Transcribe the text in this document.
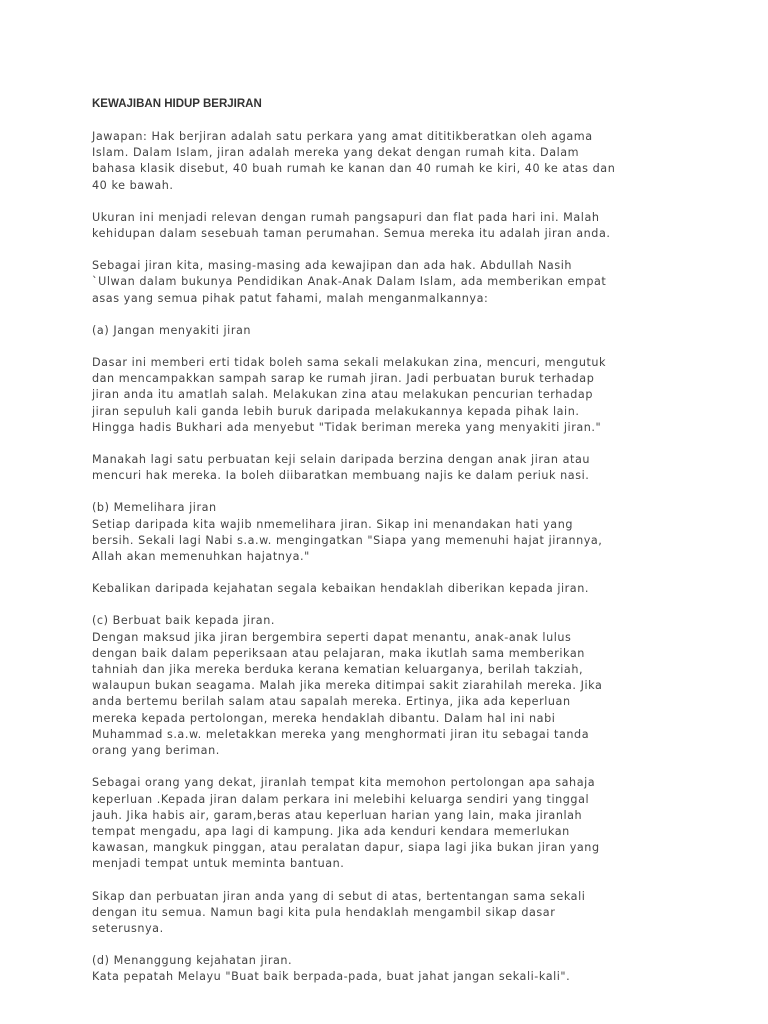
KEWAJIBAN HIDUP BERJIRAN
Jawapan: Hak berjiran adalah satu perkara yang amat dititikberatkan oleh agama
Islam. Dalam Islam, jiran adalah mereka yang dekat dengan rumah kita. Dalam
bahasa klasik disebut, 40 buah rumah ke kanan dan 40 rumah ke kiri, 40 ke atas dan
40 ke bawah.
Ukuran ini menjadi relevan dengan rumah pangsapuri dan flat pada hari ini. Malah
kehidupan dalam sesebuah taman perumahan. Semua mereka itu adalah jiran anda.
Sebagai jiran kita, masing-masing ada kewajipan dan ada hak. Abdullah Nasih
`Ulwan dalam bukunya Pendidikan Anak-Anak Dalam Islam, ada memberikan empat
asas yang semua pihak patut fahami, malah menganmalkannya:
(a) Jangan menyakiti jiran
Dasar ini memberi erti tidak boleh sama sekali melakukan zina, mencuri, mengutuk
dan mencampakkan sampah sarap ke rumah jiran. Jadi perbuatan buruk terhadap
jiran anda itu amatlah salah. Melakukan zina atau melakukan pencurian terhadap
jiran sepuluh kali ganda lebih buruk daripada melakukannya kepada pihak lain.
Hingga hadis Bukhari ada menyebut "Tidak beriman mereka yang menyakiti jiran."
Manakah lagi satu perbuatan keji selain daripada berzina dengan anak jiran atau
mencuri hak mereka. Ia boleh diibaratkan membuang najis ke dalam periuk nasi.
(b) Memelihara jiran
Setiap daripada kita wajib nmemelihara jiran. Sikap ini menandakan hati yang
bersih. Sekali lagi Nabi s.a.w. mengingatkan "Siapa yang memenuhi hajat jirannya,
Allah akan memenuhkan hajatnya."
Kebalikan daripada kejahatan segala kebaikan hendaklah diberikan kepada jiran.
(c) Berbuat baik kepada jiran.
Dengan maksud jika jiran bergembira seperti dapat menantu, anak-anak lulus
dengan baik dalam peperiksaan atau pelajaran, maka ikutlah sama memberikan
tahniah dan jika mereka berduka kerana kematian keluarganya, berilah takziah,
walaupun bukan seagama. Malah jika mereka ditimpai sakit ziarahilah mereka. Jika
anda bertemu berilah salam atau sapalah mereka. Ertinya, jika ada keperluan
mereka kepada pertolongan, mereka hendaklah dibantu. Dalam hal ini nabi
Muhammad s.a.w. meletakkan mereka yang menghormati jiran itu sebagai tanda
orang yang beriman.
Sebagai orang yang dekat, jiranlah tempat kita memohon pertolongan apa sahaja
keperluan .Kepada jiran dalam perkara ini melebihi keluarga sendiri yang tinggal
jauh. Jika habis air, garam,beras atau keperluan harian yang lain, maka jiranlah
tempat mengadu, apa lagi di kampung. Jika ada kenduri kendara memerlukan
kawasan, mangkuk pinggan, atau peralatan dapur, siapa lagi jika bukan jiran yang
menjadi tempat untuk meminta bantuan.
Sikap dan perbuatan jiran anda yang di sebut di atas, bertentangan sama sekali
dengan itu semua. Namun bagi kita pula hendaklah mengambil sikap dasar
seterusnya.
(d) Menanggung kejahatan jiran.
Kata pepatah Melayu "Buat baik berpada-pada, buat jahat jangan sekali-kali".
